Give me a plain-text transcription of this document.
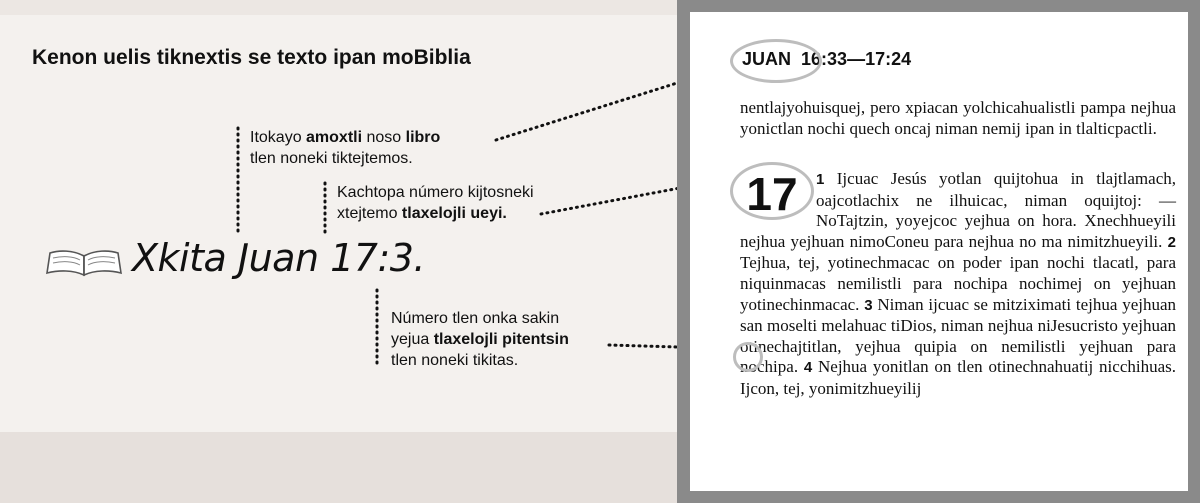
Kenon uelis tiknextis se texto ipan moBiblia
Itokayo amoxtli noso libro
tlen noneki tiktejtemos.
Kachtopa número kijtosneki
xtejtemo tlaxelojli ueyi.
Número tlen onka sakin
yejua tlaxelojli pitentsin
tlen noneki tikitas.
Xkita Juan 17:3.
JUAN 16:33—17:24

nentlajyohuisquej, pero xpiacan yolchicahualistli pampa nejhua yonictlan nochi quech oncaj niman nemij ipan in tlalticpactli.

17	1 Ijcuac Jesús yotlan quijtohua in tlajtlamach, oajcotlachix ne ilhuicac, niman oquijtoj: —NoTajtzin, yoyejcoc yejhua on hora. Xnechhueyili nejhua yejhuan nimoConeu para nejhua no ma nimitzhueyili. 2 Tejhua, tej, yotinechmacac on poder ipan nochi tlacatl, para niquinmacas nemilistli para nochipa nochimej on yejhuan yotinechinmacac. 3 Niman ijcuac se mitziximati tejhua yejhuan san moselti melahuac tiDios, niman nejhua niJesucristo yejhuan otinechajtitlan, yejhua quipia on nemilistli yejhuan para nochipa. 4 Nejhua yonitlan on tlen otinechnahuatij nicchihuas. Ijcon, tej, yonimitzhueyilij
